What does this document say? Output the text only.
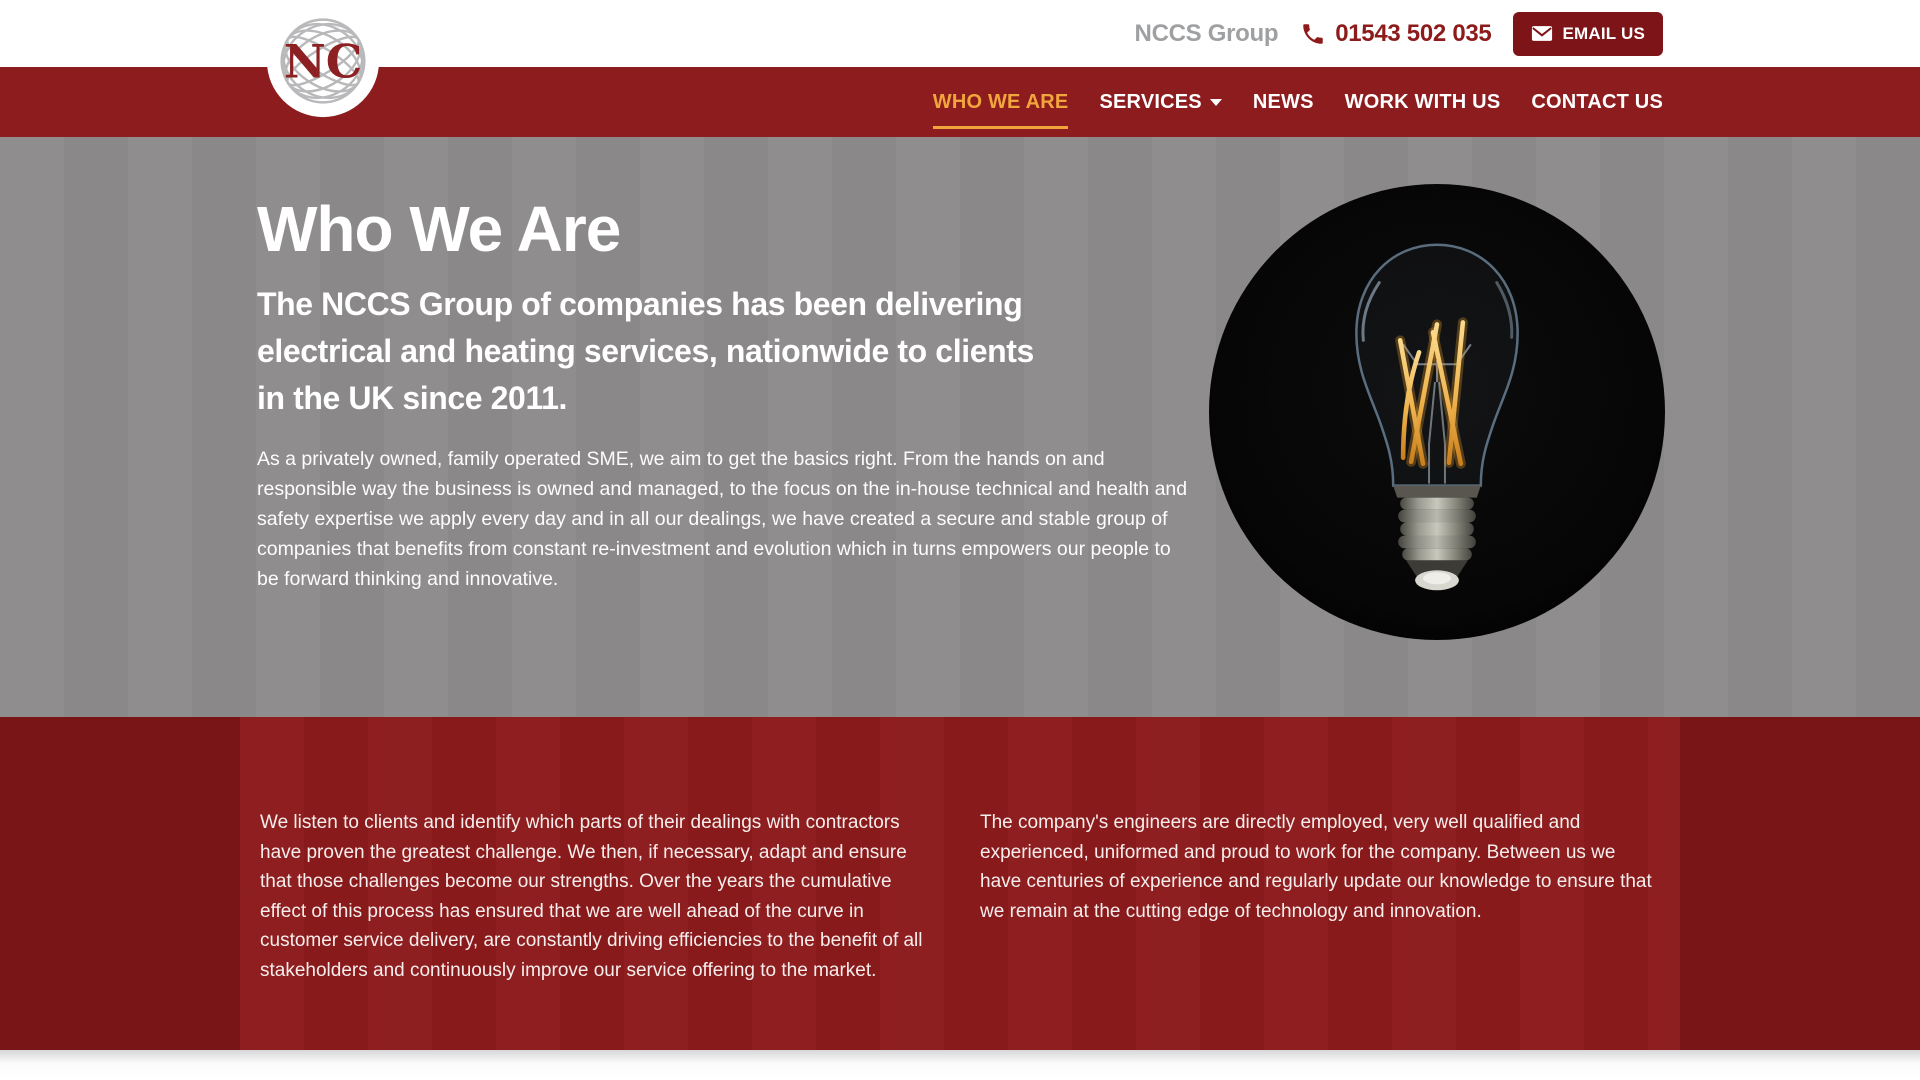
NCCS Group 01543 502 035	EMAIL US
NC
WHO WE ARE SERVICES	NEWS WORK WITH US CONTACT US
Who We Are
The NCCS Group of companies has been delivering
electrical and heating services, nationwide to clients
in the UK since 2011.

As a privately owned, family operated SME, we aim to get the basics right. From the hands on and responsible way the business is owned and managed, to the focus on the in-house technical and health and safety expertise we apply every day and in all our dealings, we have created a secure and stable group of companies that benefits from constant re-investment and evolution which in turns empowers our people to be forward thinking and innovative.

We listen to clients and identify which parts of their dealings with contractors have proven the greatest challenge. We then, if necessary, adapt and ensure that those challenges become our strengths. Over the years the cumulative effect of this process has ensured that we are well ahead of the curve in customer service delivery, are constantly driving efficiencies to the benefit of all stakeholders and continuously improve our service offering to the market.

The company's engineers are directly employed, very well qualified and experienced, uniformed and proud to work for the company. Between us we have centuries of experience and regularly update our knowledge to ensure that we remain at the cutting edge of technology and innovation.
